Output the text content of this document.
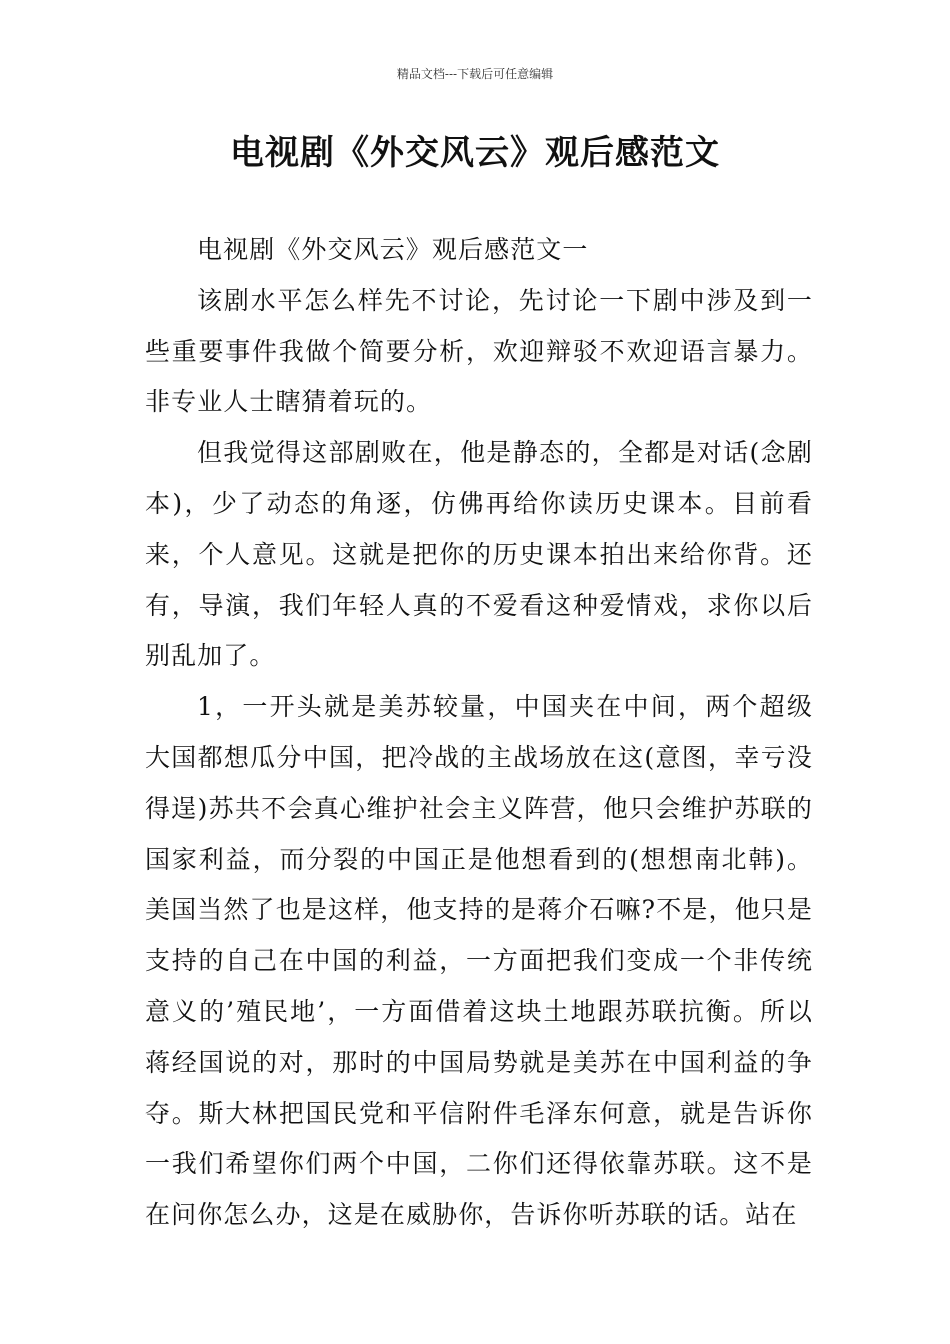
精品文档---下载后可任意编辑
电视剧《外交风云》观后感范文

电视剧《外交风云》观后感范文一

该剧水平怎么样先不讨论，先讨论一下剧中涉及到一些重要事件我做个简要分析，欢迎辩驳不欢迎语言暴力。非专业人士瞎猜着玩的。

但我觉得这部剧败在，他是静态的，全都是对话(念剧本)，少了动态的角逐，仿佛再给你读历史课本。目前看来，个人意见。这就是把你的历史课本拍出来给你背。还有，导演，我们年轻人真的不爱看这种爱情戏，求你以后别乱加了。

1，一开头就是美苏较量，中国夹在中间，两个超级大国都想瓜分中国，把冷战的主战场放在这(意图，幸亏没得逞)苏共不会真心维护社会主义阵营，他只会维护苏联的国家利益，而分裂的中国正是他想看到的(想想南北韩)。美国当然了也是这样，他支持的是蒋介石嘛?不是，他只是支持的自己在中国的利益，一方面把我们变成一个非传统意义的’殖民地’，一方面借着这块土地跟苏联抗衡。所以蒋经国说的对，那时的中国局势就是美苏在中国利益的争夺。斯大林把国民党和平信附件毛泽东何意，就是告诉你一我们希望你们两个中国，二你们还得依靠苏联。这不是在问你怎么办，这是在威胁你，告诉你听苏联的话。站在
